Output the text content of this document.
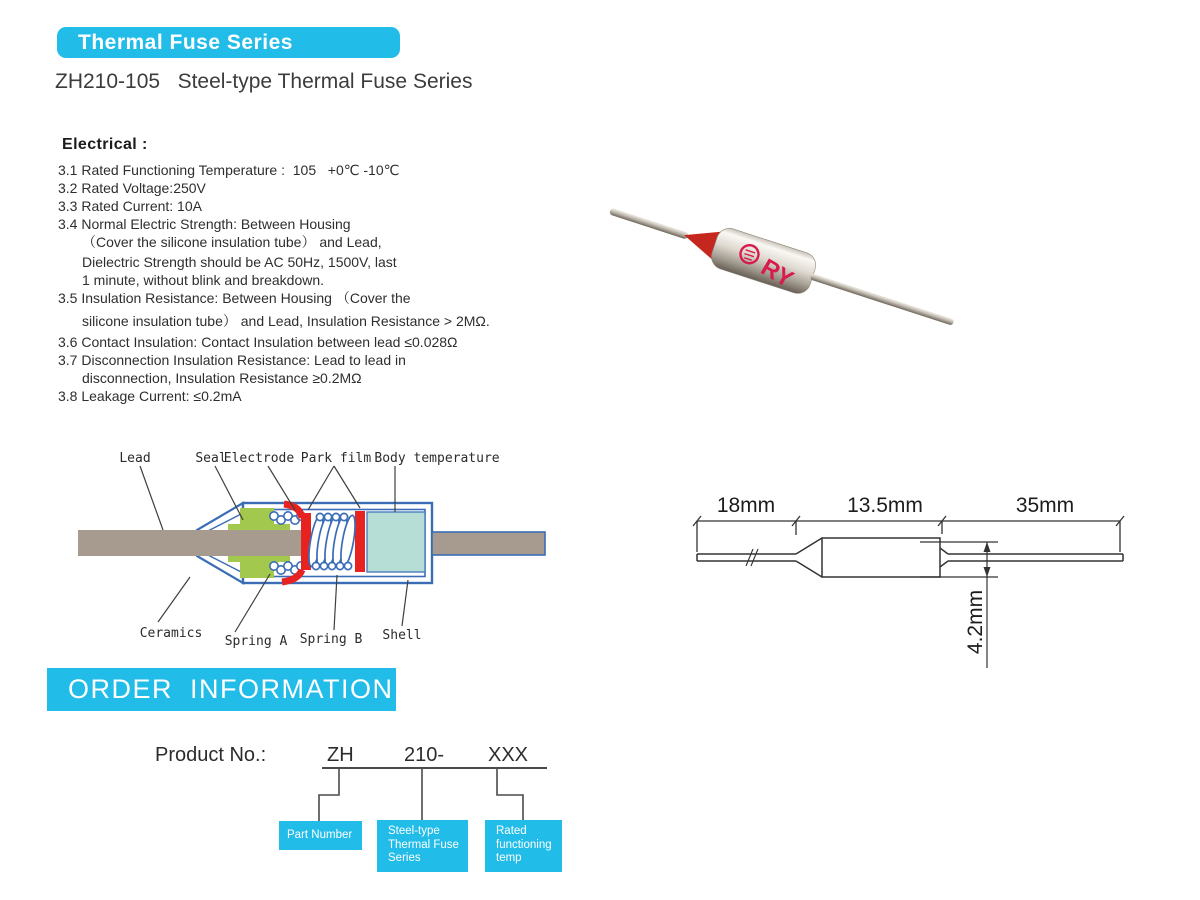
Thermal Fuse Series
ZH210-105   Steel-type Thermal Fuse Series
Electrical :
3.1 Rated Functioning Temperature :  105   +0℃ -10℃
3.2 Rated Voltage:250V
3.3 Rated Current: 10A
3.4 Normal Electric Strength: Between Housing
（Cover the silicone insulation tube） and Lead,
Dielectric Strength should be AC 50Hz, 1500V, last
1 minute, without blink and breakdown.
3.5 Insulation Resistance: Between Housing （Cover the
silicone insulation tube） and Lead, Insulation Resistance > 2MΩ.
3.6 Contact Insulation: Contact Insulation between lead ≤0.028Ω
3.7 Disconnection Insulation Resistance: Lead to lead in
disconnection, Insulation Resistance ≥0.2MΩ
3.8 Leakage Current: ≤0.2mA
RY
Lead	Seal
Electrode Park film Body temperature
Ceramics
Spring A Spring B Shell
18mm	13.5mm	35mm
4.2mm
ORDER INFORMATION
Product No.:	ZH	210- XXX
Part Number	Steel-type
Thermal Fuse
Series
Rated
functioning
temp
